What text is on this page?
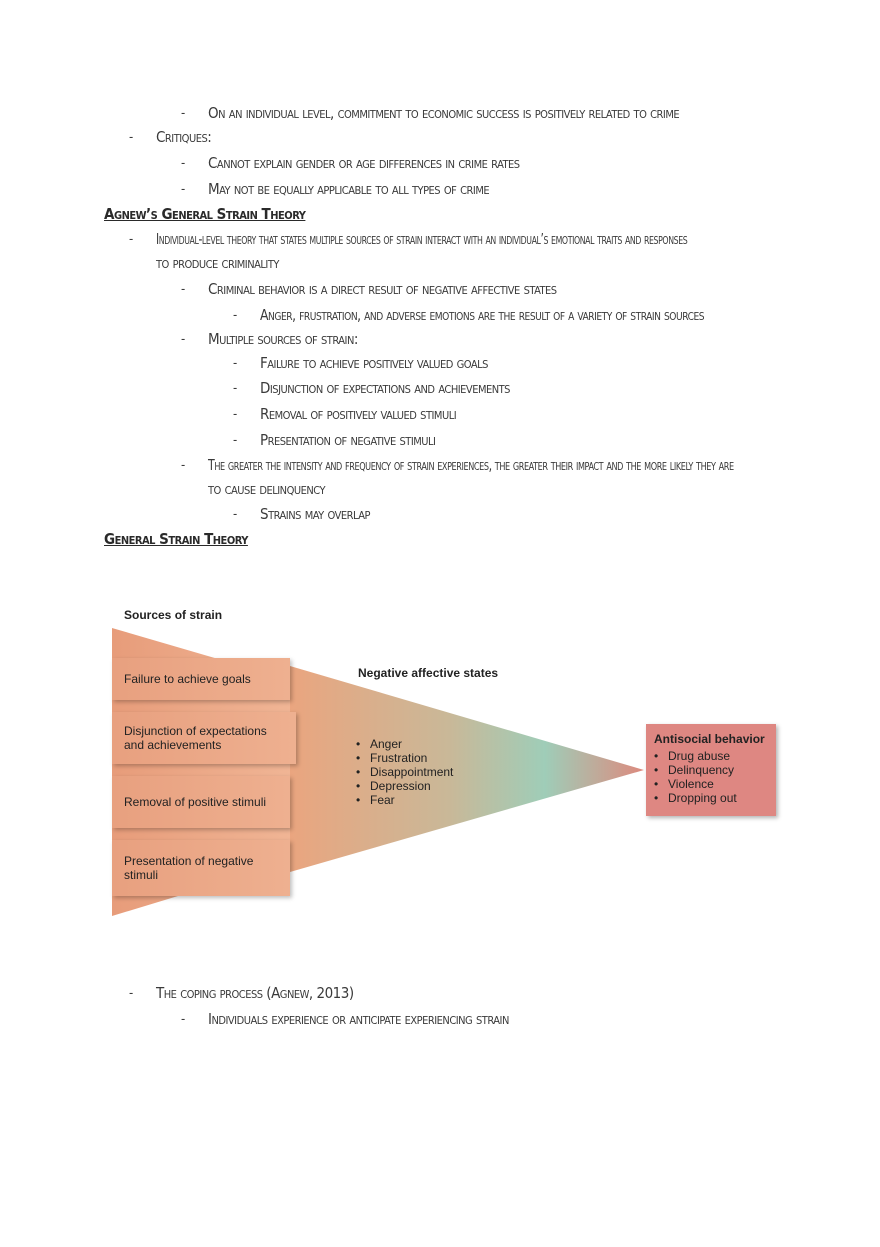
- On an individual level, commitment to economic success is positively related to crime
- Critiques:
- Cannot explain gender or age differences in crime rates
- May not be equally applicable to all types of crime
Agnew’s General Strain Theory
- Individual-level theory that states multiple sources of strain interact with an individual’s emotional traits and responses
to produce criminality
- Criminal behavior is a direct result of negative affective states
- Anger, frustration, and adverse emotions are the result of a variety of strain sources
- Multiple sources of strain:
- Failure to achieve positively valued goals
- Disjunction of expectations and achievements
- Removal of positively valued stimuli
- Presentation of negative stimuli
- The greater the intensity and frequency of strain experiences, the greater their impact and the more likely they are
to cause delinquency
- Strains may overlap
General Strain Theory
Sources of strain
Failure to achieve goals
Disjunction of expectations and achievements
Removal of positive stimuli
Presentation of negative stimuli
Negative affective states
• Anger
• Frustration
• Disappointment
• Depression
• Fear
Antisocial behavior
• Drug abuse
• Delinquency
• Violence
• Dropping out
- The coping process (Agnew, 2013)
- Individuals experience or anticipate experiencing strain
